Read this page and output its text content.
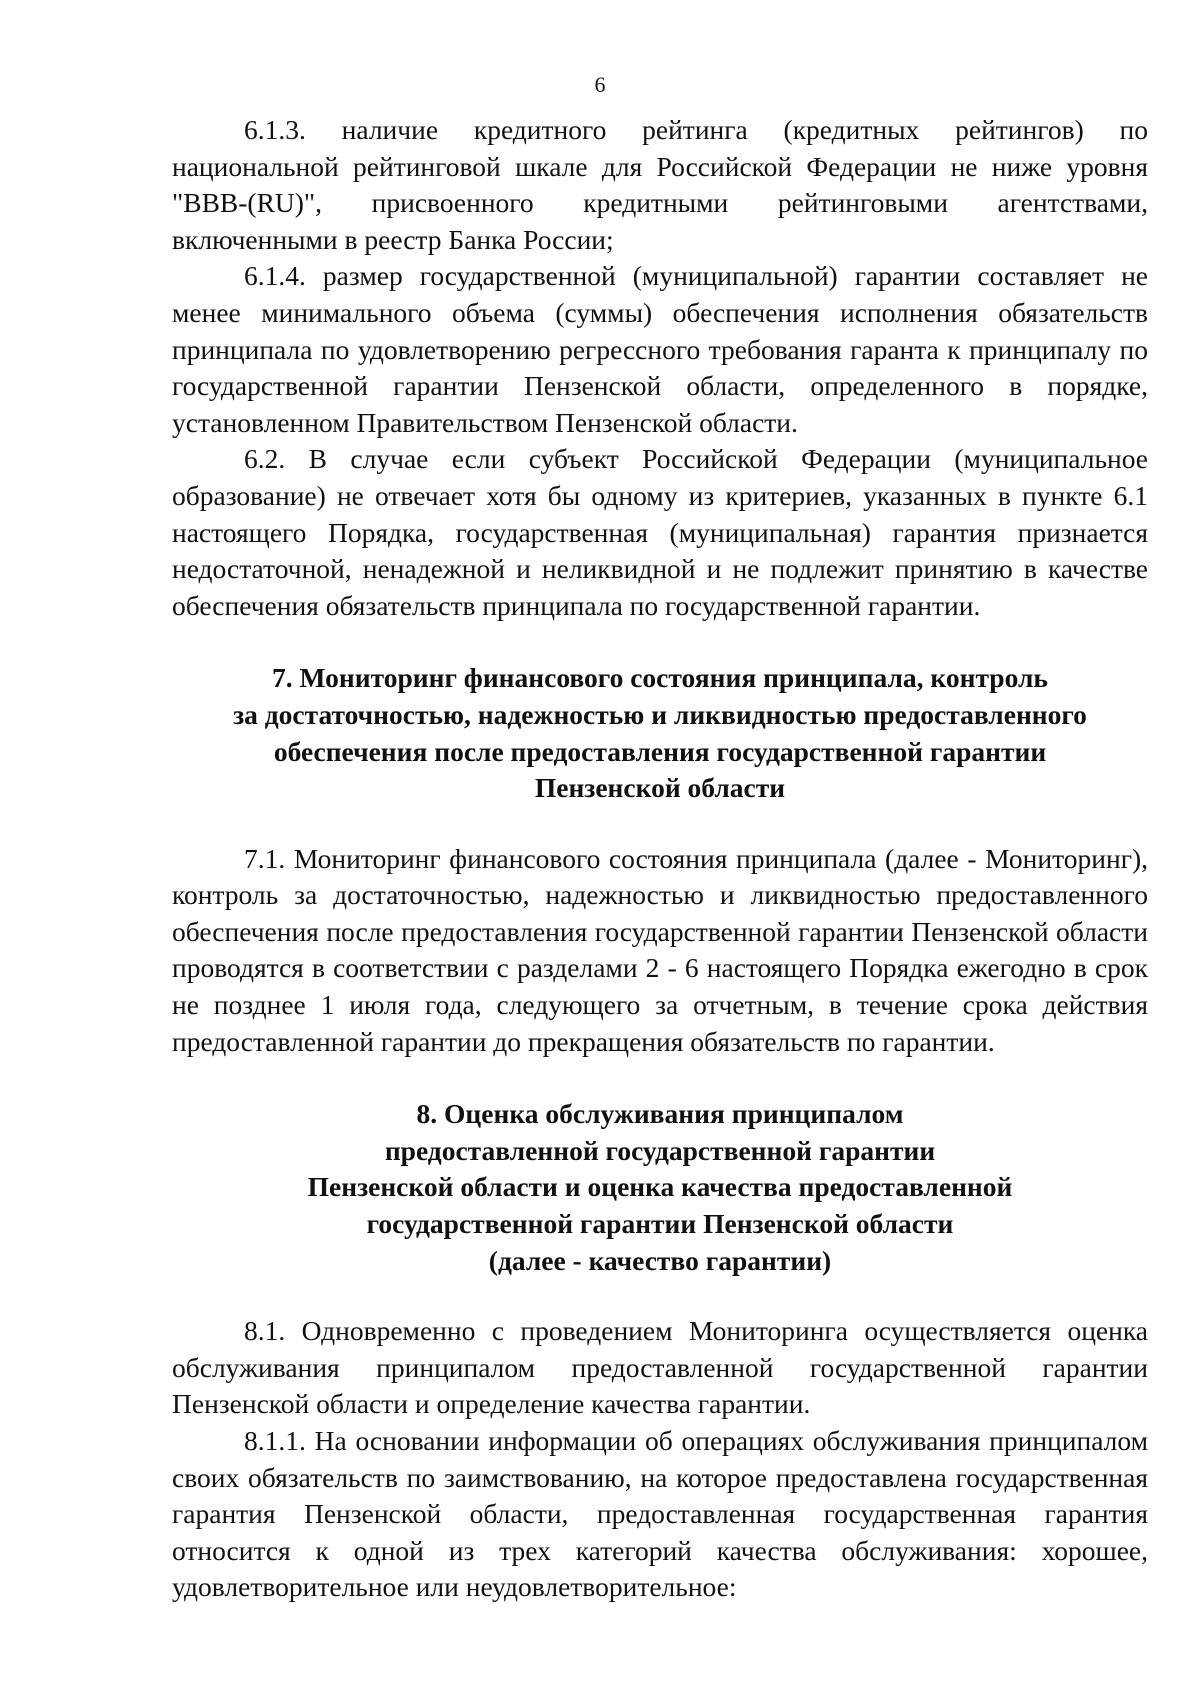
6

6.1.3. наличие кредитного рейтинга (кредитных рейтингов) по национальной рейтинговой шкале для Российской Федерации не ниже уровня "BBB-(RU)", присвоенного кредитными рейтинговыми агентствами, включенными в реестр Банка России;

6.1.4. размер государственной (муниципальной) гарантии составляет не менее минимального объема (суммы) обеспечения исполнения обязательств принципала по удовлетворению регрессного требования гаранта к принципалу по государственной гарантии Пензенской области, определенного в порядке, установленном Правительством Пензенской области.

6.2. В случае если субъект Российской Федерации (муниципальное образование) не отвечает хотя бы одному из критериев, указанных в пункте 6.1 настоящего Порядка, государственная (муниципальная) гарантия признается недостаточной, ненадежной и неликвидной и не подлежит принятию в качестве обеспечения обязательств принципала по государственной гарантии.

7. Мониторинг финансового состояния принципала, контроль
за достаточностью, надежностью и ликвидностью предоставленного
обеспечения после предоставления государственной гарантии
Пензенской области

7.1. Мониторинг финансового состояния принципала (далее - Мониторинг), контроль за достаточностью, надежностью и ликвидностью предоставленного обеспечения после предоставления государственной гарантии Пензенской области проводятся в соответствии с разделами 2 - 6 настоящего Порядка ежегодно в срок не позднее 1 июля года, следующего за отчетным, в течение срока действия предоставленной гарантии до прекращения обязательств по гарантии.

8. Оценка обслуживания принципалом
предоставленной государственной гарантии
Пензенской области и оценка качества предоставленной
государственной гарантии Пензенской области
(далее - качество гарантии)

8.1. Одновременно с проведением Мониторинга осуществляется оценка обслуживания принципалом предоставленной государственной гарантии Пензенской области и определение качества гарантии.

8.1.1. На основании информации об операциях обслуживания принципалом своих обязательств по заимствованию, на которое предоставлена государственная гарантия Пензенской области, предоставленная государственная гарантия относится к одной из трех категорий качества обслуживания: хорошее, удовлетворительное или неудовлетворительное:
